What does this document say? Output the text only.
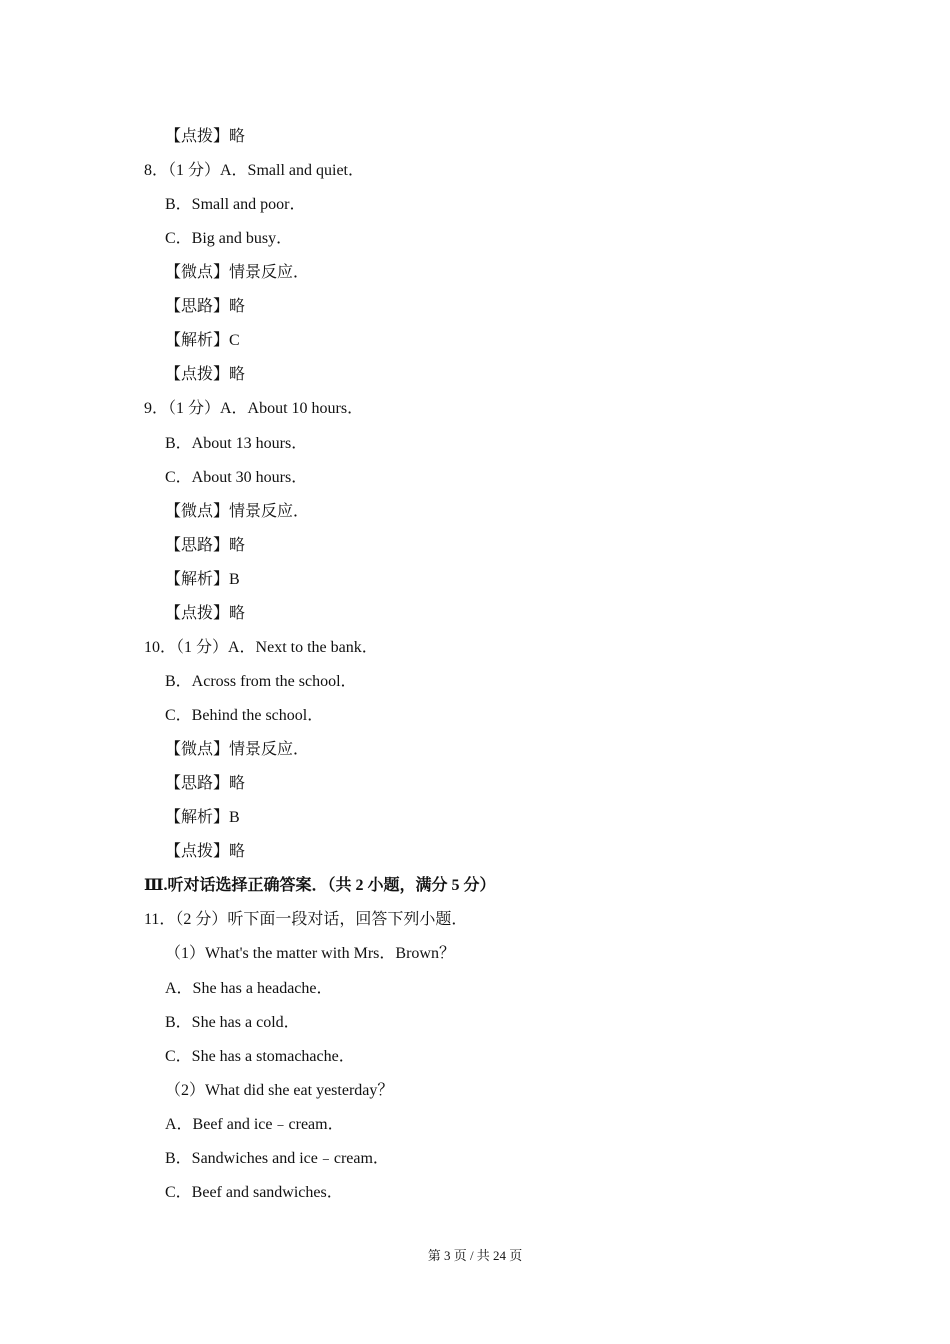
【点拨】略
8．（1 分）A．Small and quiet．
B．Small and poor．
C．Big and busy．
【微点】情景反应．
【思路】略
【解析】C
【点拨】略
9．（1 分）A．About 10 hours．
B．About 13 hours．
C．About 30 hours．
【微点】情景反应．
【思路】略
【解析】B
【点拨】略
10．（1 分）A．Next to the bank．
B．Across from the school．
C．Behind the school．
【微点】情景反应．
【思路】略
【解析】B
【点拨】略
Ⅲ.听对话选择正确答案．（共 2 小题，满分 5 分）
11．（2 分）听下面一段对话，回答下列小题．
（1）What's the matter with Mrs．Brown？
A．She has a headache．
B．She has a cold．
C．She has a stomachache．
（2）What did she eat yesterday？
A．Beef and ice﹣cream．
B．Sandwiches and ice﹣cream．
C．Beef and sandwiches．
第 3 页 / 共 24 页
